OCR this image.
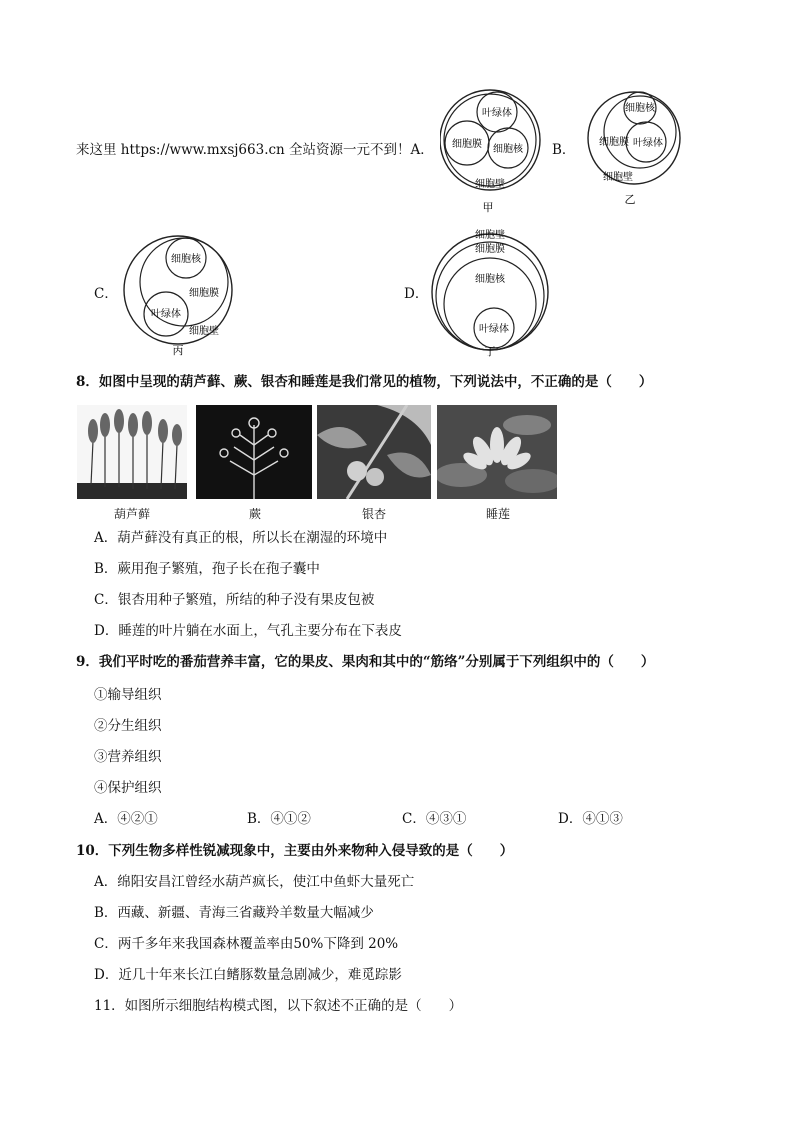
来这里 https://www.mxsj663.cn 全站资源一元不到！A．
叶绿体
细胞膜 细胞核
细胞壁
甲
B．
细胞核
细胞膜 叶绿体
细胞壁
乙
C．
细胞核
细胞膜
叶绿体
细胞壁
丙
D．
细胞壁
细胞膜
细胞核
叶绿体
丁
8．如图中呈现的葫芦藓、蕨、银杏和睡莲是我们常见的植物，下列说法中，不正确的是（　　）
葫芦藓	蕨	银杏	睡莲
A．葫芦藓没有真正的根，所以长在潮湿的环境中
B．蕨用孢子繁殖，孢子长在孢子囊中
C．银杏用种子繁殖，所结的种子没有果皮包被
D．睡莲的叶片躺在水面上，气孔主要分布在下表皮
9．我们平时吃的番茄营养丰富，它的果皮、果肉和其中的“筋络”分别属于下列组织中的（　　）
①输导组织
②分生组织
③营养组织
④保护组织
A．④②①	B．④①②	C．④③①	D．④①③
10．下列生物多样性锐减现象中，主要由外来物种入侵导致的是（　　）
A．绵阳安昌江曾经水葫芦疯长，使江中鱼虾大量死亡
B．西藏、新疆、青海三省藏羚羊数量大幅减少
C．两千多年来我国森林覆盖率由50%下降到 20%
D．近几十年来长江白鳍豚数量急剧减少，难觅踪影
11．如图所示细胞结构模式图，以下叙述不正确的是（　　）
